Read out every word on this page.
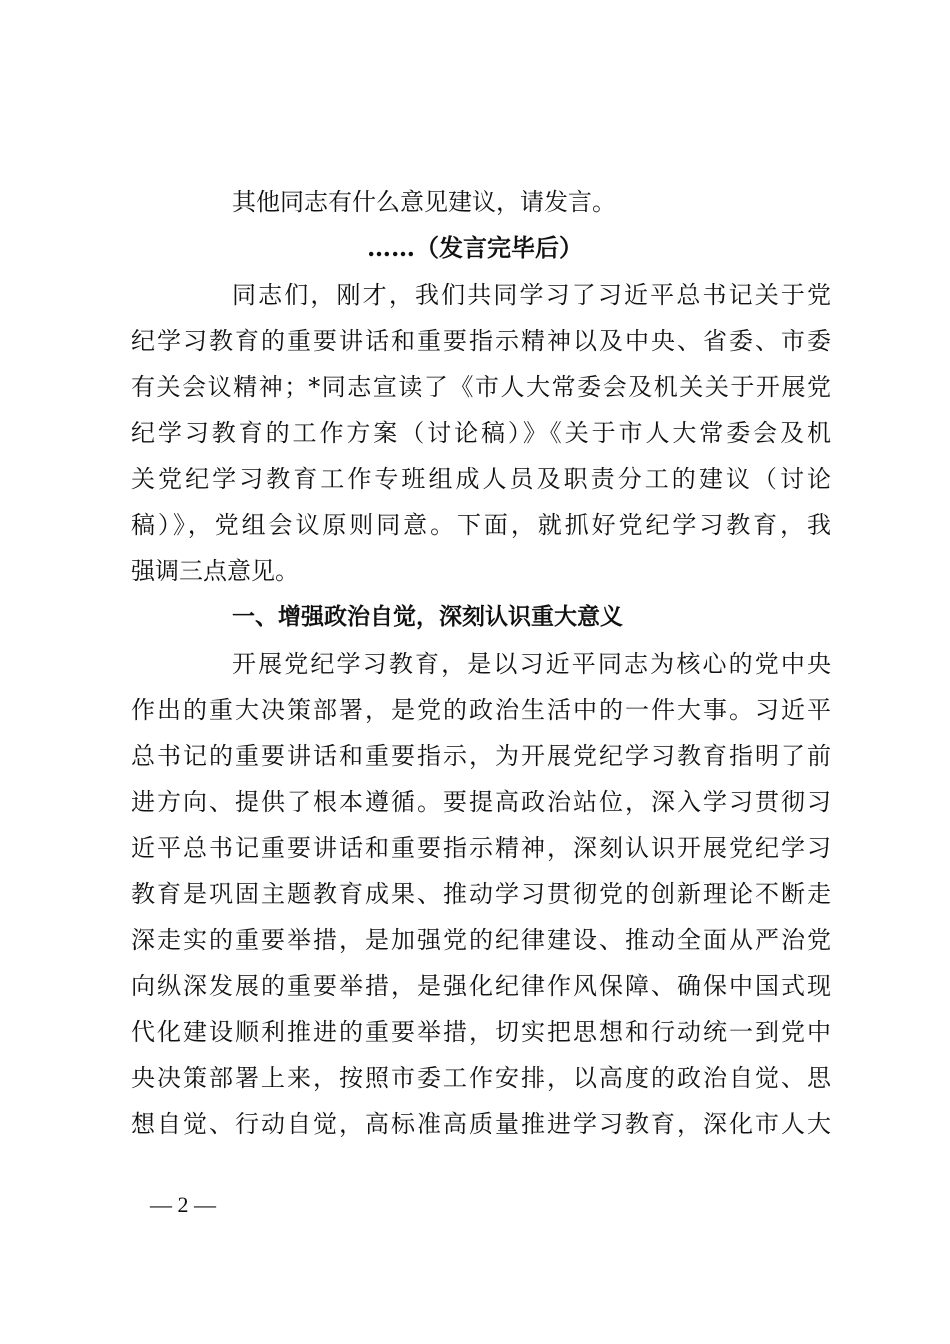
其他同志有什么意见建议，请发言。
……（发言完毕后）
同志们，刚才，我们共同学习了习近平总书记关于党
纪学习教育的重要讲话和重要指示精神以及中央、省委、市委
有关会议精神；*同志宣读了《市人大常委会及机关关于开展党
纪学习教育的工作方案（讨论稿）》《关于市人大常委会及机
关党纪学习教育工作专班组成人员及职责分工的建议（讨论
稿）》，党组会议原则同意。下面，就抓好党纪学习教育，我
强调三点意见。
一、增强政治自觉，深刻认识重大意义
开展党纪学习教育，是以习近平同志为核心的党中央
作出的重大决策部署，是党的政治生活中的一件大事。习近平
总书记的重要讲话和重要指示，为开展党纪学习教育指明了前
进方向、提供了根本遵循。要提高政治站位，深入学习贯彻习
近平总书记重要讲话和重要指示精神，深刻认识开展党纪学习
教育是巩固主题教育成果、推动学习贯彻党的创新理论不断走
深走实的重要举措，是加强党的纪律建设、推动全面从严治党
向纵深发展的重要举措，是强化纪律作风保障、确保中国式现
代化建设顺利推进的重要举措，切实把思想和行动统一到党中
央决策部署上来，按照市委工作安排，以高度的政治自觉、思
想自觉、行动自觉，高标准高质量推进学习教育，深化市人大
— 2 —
